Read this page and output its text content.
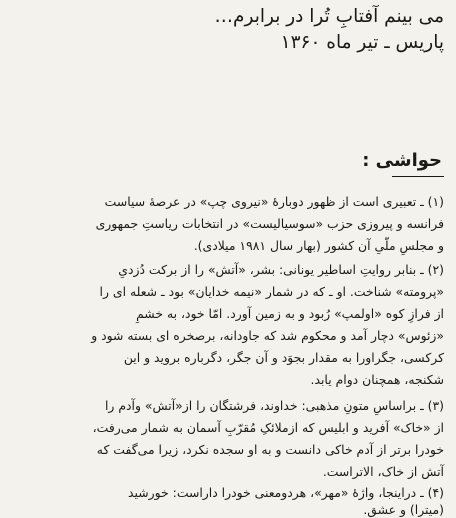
می بینم آفتابِ تُرا در برابرم…
پاریس ـ تیر ماه ۱۳۶۰
حواشی :
(۱) ـ تعبیری است از ظهور دوبارهٔ «نیروی چپ» در عرصهٔ سیاست
فرانسه و پیروزی حزب «سوسیالیست» در انتخابات ریاستِ جمهوری
و مجلسِ ملّیِ آن کشور (بهار سال ۱۹۸۱ میلادی).
(۲) ـ بنابر روایتِ اساطیر یونانی: بشر، «آتش» را از برکت دُزدیِ
«پرومته» شناخت. او ـ که در شمار «نیمه خدایان» بود ـ شعله ای را
از فرازِ کوه «اولمپ» رُبود و به زمین آورد. امّا خود، به خشمِ
«زئوس» دچار آمد و محکوم شد که جاودانه، برصخره ای بسته شود و
کرکسی، جگراورا به مقدار بجوَد و آن جگر، دگرباره بروید و این
شکنجه، همچنان دوام یابد.
(۳) ـ براساسِ متونِ مذهبی: خداوند، فرشتگان را از«آتش» وآدم را
از «خاک» آفرید و ابلیس که ازملائکِ مُقرّبِ آسمان به شمار می‌رفت،
خودرا برتر از آدم خاکی دانست و به او سجده نکرد، زیرا می‌گفت که
آتش از خاک، الاتراست.
(۴) ـ دراینجا، واژهٔ «مهر»، هردومعنی خودرا داراست: خورشید
(میترا) و عشق.
